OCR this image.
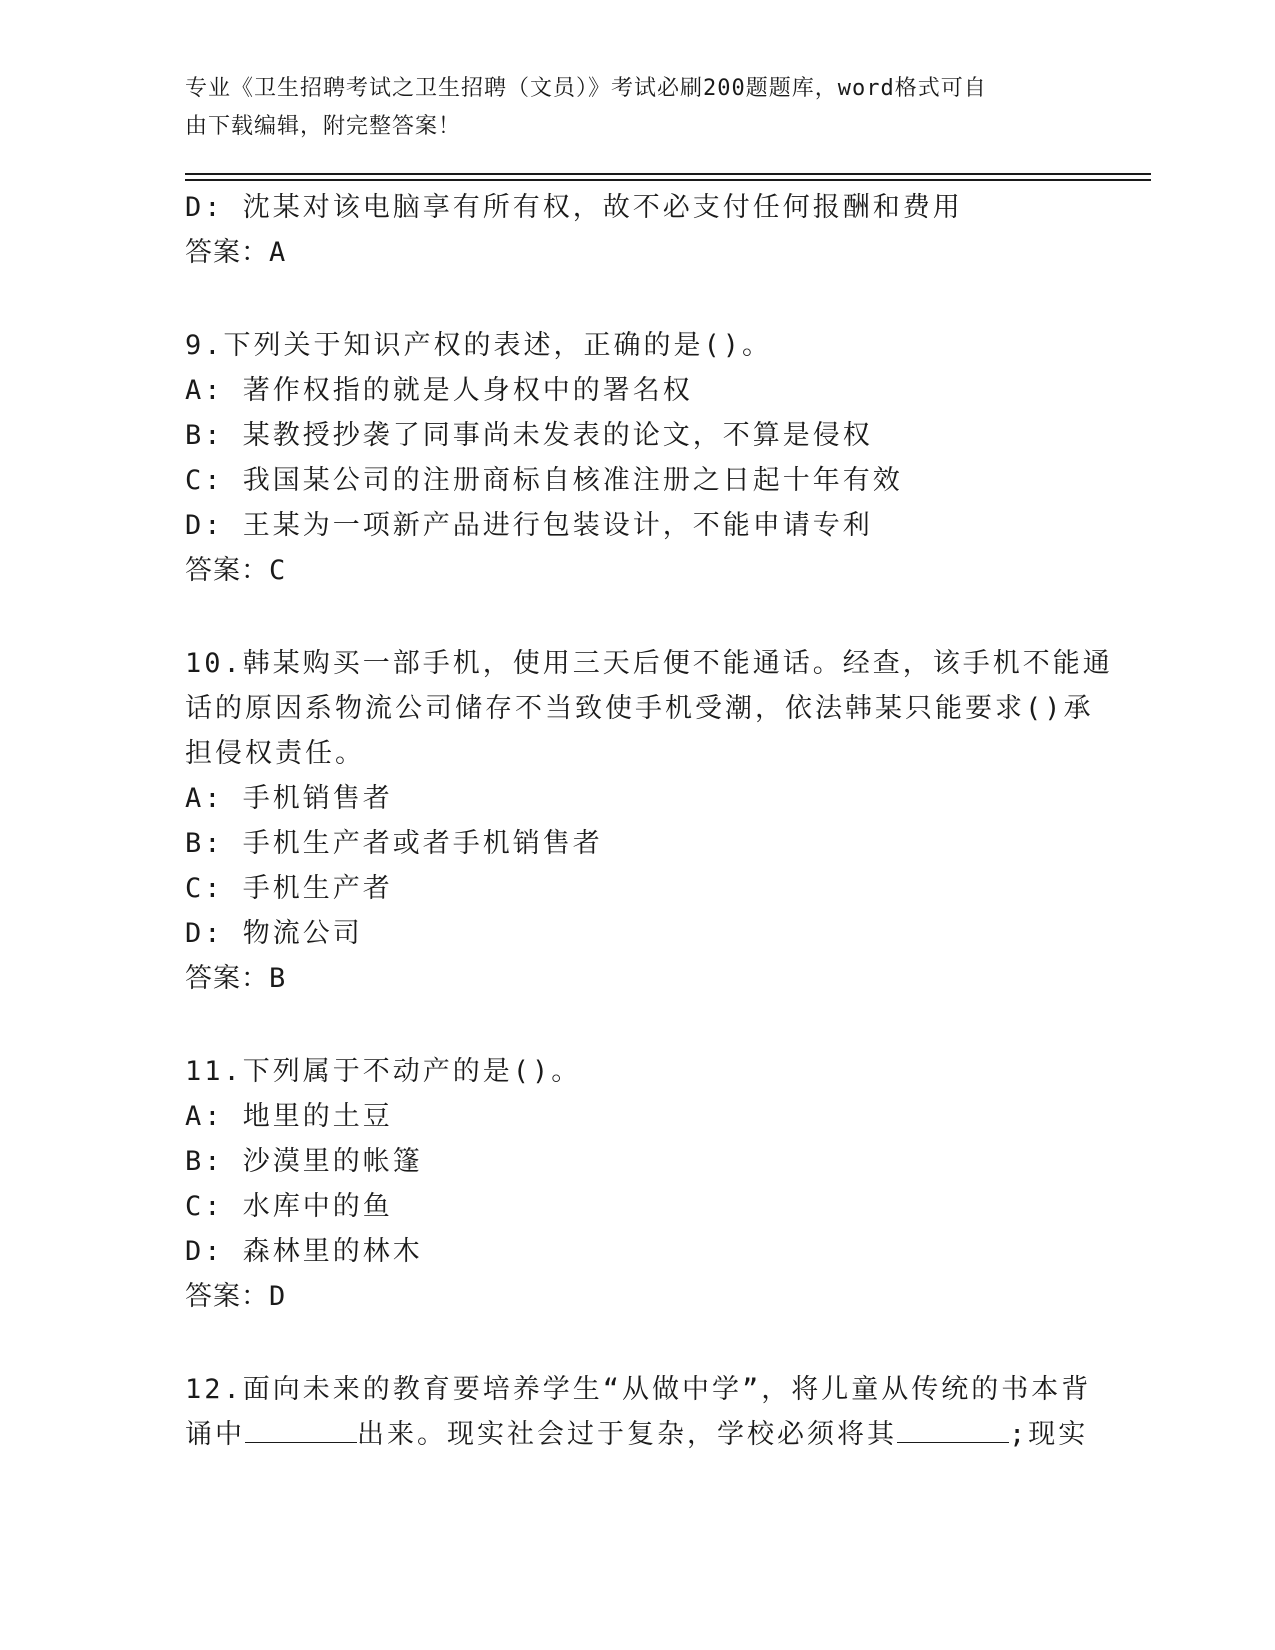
专业《卫生招聘考试之卫生招聘（文员）》考试必刷200题题库，word格式可自
由下载编辑，附完整答案！
D: 沈某对该电脑享有所有权，故不必支付任何报酬和费用
答案：A
9.下列关于知识产权的表述，正确的是()。
A: 著作权指的就是人身权中的署名权
B: 某教授抄袭了同事尚未发表的论文，不算是侵权
C: 我国某公司的注册商标自核准注册之日起十年有效
D: 王某为一项新产品进行包装设计，不能申请专利
答案：C
10.韩某购买一部手机，使用三天后便不能通话。经查，该手机不能通
话的原因系物流公司储存不当致使手机受潮，依法韩某只能要求()承
担侵权责任。
A: 手机销售者
B: 手机生产者或者手机销售者
C: 手机生产者
D: 物流公司
答案：B
11.下列属于不动产的是()。
A: 地里的土豆
B: 沙漠里的帐篷
C: 水库中的鱼
D: 森林里的林木
答案：D
12.面向未来的教育要培养学生“从做中学”，将儿童从传统的书本背
诵中	出来。现实社会过于复杂，学校必须将其	;现实
